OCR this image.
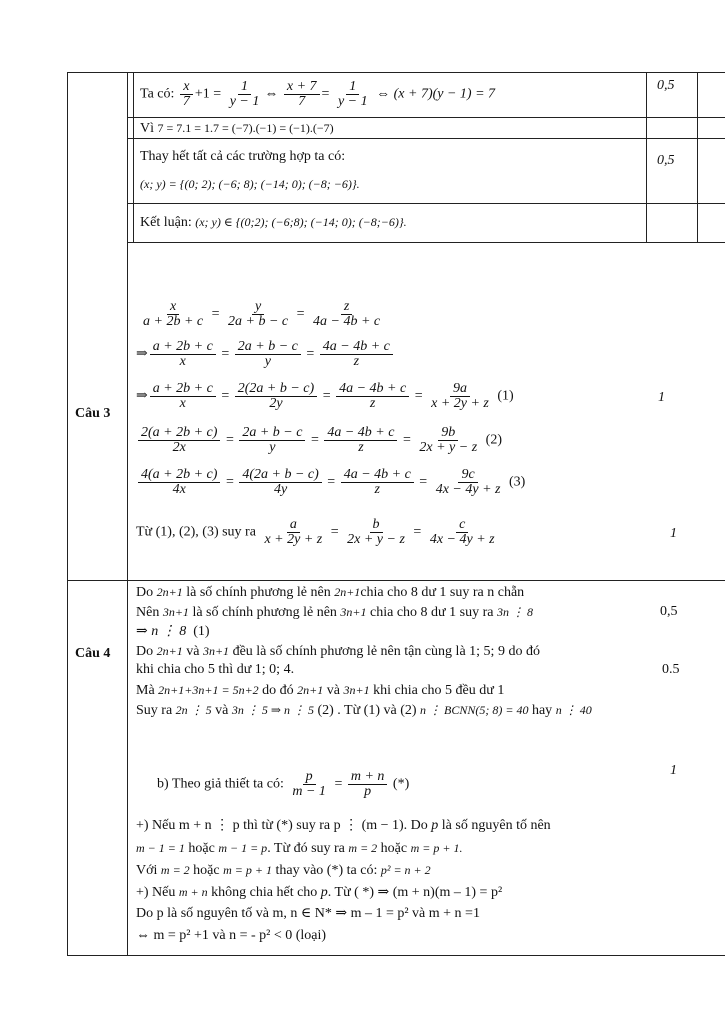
Câu 3
Ta có: $\frac{x}{7} +1 = \frac{1}{y - 1}$ ⇔ $\frac{x + 7}{7} = \frac{1}{y - 1}$ ⇔ (x + 7)(y − 1) = 7
0,5
Vì 7 = 7.1 = 1.7 = (−7).(−1) = (−1).(−7)
Thay hết tất cả các trường hợp ta có:
(x; y) = {(0; 2); (−6; 8); (−14; 0); (−8; −6)}.
0,5
Kết luận: (x; y) ∈ {(0;2); (−6;8); (−14; 0); (−8;−6)}.
$\frac{x}{a + 2b + c} = \frac{y}{2a + b - c} = \frac{z}{4a - 4b + c}$
⇒ $\frac{a + 2b + c}{x} = \frac{2a + b - c}{y} = \frac{4a - 4b + c}{z}$
⇒ $\frac{a + 2b + c}{x} = \frac{2(2a + b - c)}{2y} = \frac{4a - 4b + c}{z} = \frac{9a}{x + 2y + z} (1)$
$\frac{2(a + 2b + c)}{2x} = \frac{2a + b - c}{y} = \frac{4a - 4b + c}{z} = \frac{9b}{2x + y - z} (2)$
$\frac{4(a + 2b + c)}{4x} = \frac{4(2a + b - c)}{4y} = \frac{4a - 4b + c}{z} = \frac{9c}{4x - 4y + z} (3)$
1
Từ (1), (2), (3) suy ra $\frac{a}{x + 2y + z} = \frac{b}{2x + y - z} = \frac{c}{4x - 4y + z}$	1
Câu 4
Do 2n+1 là số chính phương lẻ nên 2n+1chia cho 8 dư 1 suy ra n chẵn
Nên 3n+1 là số chính phương lẻ nên 3n+1 chia cho 8 dư 1 suy ra 3n ⋮ 8
⇒ n ⋮ 8 (1)
Do 2n+1 và 3n+1 đều là số chính phương lẻ nên tận cùng là 1; 5; 9 do đó
khi chia cho 5 thì dư 1; 0; 4.
Mà 2n+1+3n+1 = 5n+2 do đó 2n+1 và 3n+1 khi chia cho 5 đều dư 1
Suy ra 2n ⋮ 5 và 3n ⋮ 5 ⇒ n ⋮ 5 (2) . Từ (1) và (2) n ⋮ BCNN(5; 8) = 40 hay n ⋮ 40
0,5
0.5
1
b) Theo giả thiết ta có: $\frac{p}{m - 1} = \frac{m + n}{p}$ (*)
+) Nếu m + n ⋮ p thì từ (*) suy ra p ⋮ (m − 1). Do p là số nguyên tố nên
m − 1 = 1 hoặc m − 1 = p. Từ đó suy ra m = 2 hoặc m = p + 1.
Với m = 2 hoặc m = p + 1 thay vào (*) ta có: p² = n + 2
+) Nếu m + n không chia hết cho p. Từ ( *) ⇒ (m + n)(m – 1) = p²
Do p là số nguyên tố và m, n ∈ N* ⇒ m – 1 = p² và m + n =1
⇔ m = p² +1 và n = - p² < 0 (loại)
